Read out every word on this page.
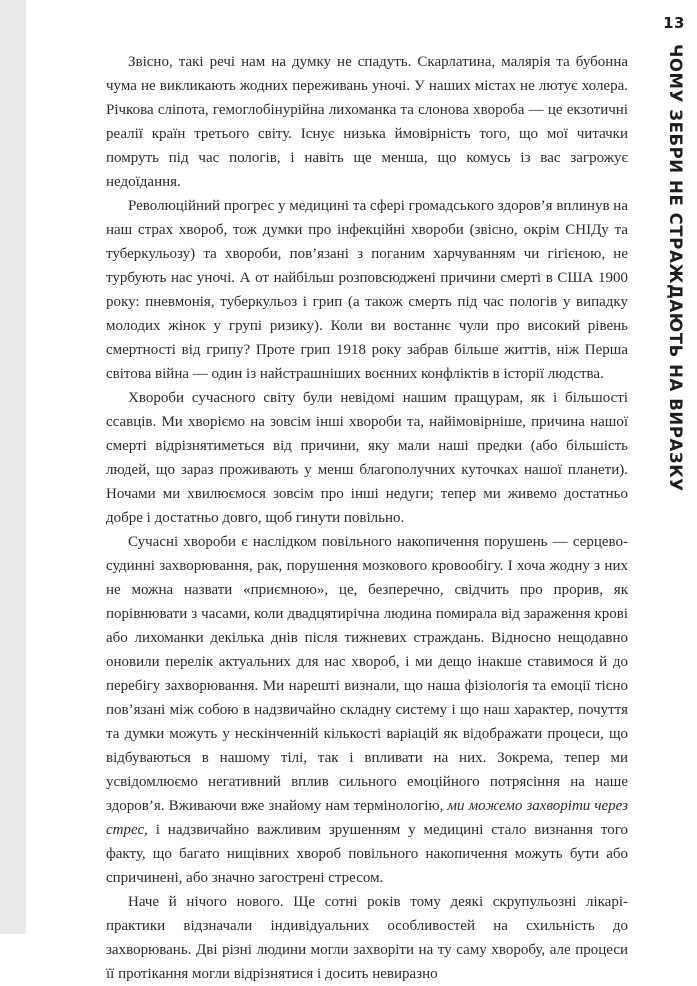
13
ЧОМУ ЗЕБРИ НЕ СТРАЖДАЮТЬ НА ВИРАЗКУ

Звісно, такі речі нам на думку не спадуть. Скарлатина, малярія та бубонна чума не викликають жодних переживань уночі. У наших містах не лютує холера. Річкова сліпота, гемоглобінурійна лихоманка та слонова хвороба — це екзотичні реалії країн третього світу. Існує низька ймовірність того, що мої читачки помруть під час пологів, і навіть ще менша, що комусь із вас загрожує недоїдання.

Революційний прогрес у медицині та сфері громадського здоров’я вплинув на наш страх хвороб, тож думки про інфекційні хвороби (звісно, окрім СНІДу та туберкульозу) та хвороби, пов’язані з поганим харчуванням чи гігієною, не турбують нас уночі. А от найбільш розповсюджені причини смерті в США 1900 року: пневмонія, туберкульоз і грип (а також смерть під час пологів у випадку молодих жінок у групі ризику). Коли ви востаннє чули про високий рівень смертності від грипу? Проте грип 1918 року забрав більше життів, ніж Перша світова війна — один із найстрашніших воєнних конфліктів в історії людства.

Хвороби сучасного світу були невідомі нашим пращурам, як і більшості ссавців. Ми хворіємо на зовсім інші хвороби та, найімовірніше, причина нашої смерті відрізнятиметься від причини, яку мали наші предки (або більшість людей, що зараз проживають у менш благополучних куточках нашої планети). Ночами ми хвилюємося зовсім про інші недуги; тепер ми живемо достатньо добре і достатньо довго, щоб гинути повільно.

Сучасні хвороби є наслідком повільного накопичення порушень — серцево-судинні захворювання, рак, порушення мозкового кровообігу. І хоча жодну з них не можна назвати «приємною», це, безперечно, свідчить про прорив, як порівнювати з часами, коли двадцятирічна людина помирала від зараження крові або лихоманки декілька днів після тижневих страждань. Відносно нещодавно оновили перелік актуальних для нас хвороб, і ми дещо інакше ставимося й до перебігу захворювання. Ми нарешті визнали, що наша фізіологія та емоції тісно пов’язані між собою в надзвичайно складну систему і що наш характер, почуття та думки можуть у нескінченній кількості варіацій як відображати процеси, що відбуваються в нашому тілі, так і впливати на них. Зокрема, тепер ми усвідомлюємо негативний вплив сильного емоційного потрясіння на наше здоров’я. Вживаючи вже знайому нам термінологію, ми можемо захворіти через стрес, і надзвичайно важливим зрушенням у медицині стало визнання того факту, що багато нищівних хвороб повільного накопичення можуть бути або спричинені, або значно загострені стресом.

Наче й нічого нового. Ще сотні років тому деякі скрупульозні лікарі-практики відзначали індивідуальних особливостей на схильність до захворювань. Дві різні людини могли захворіти на ту саму хворобу, але процеси її протікання могли відрізнятися і досить невиразно
